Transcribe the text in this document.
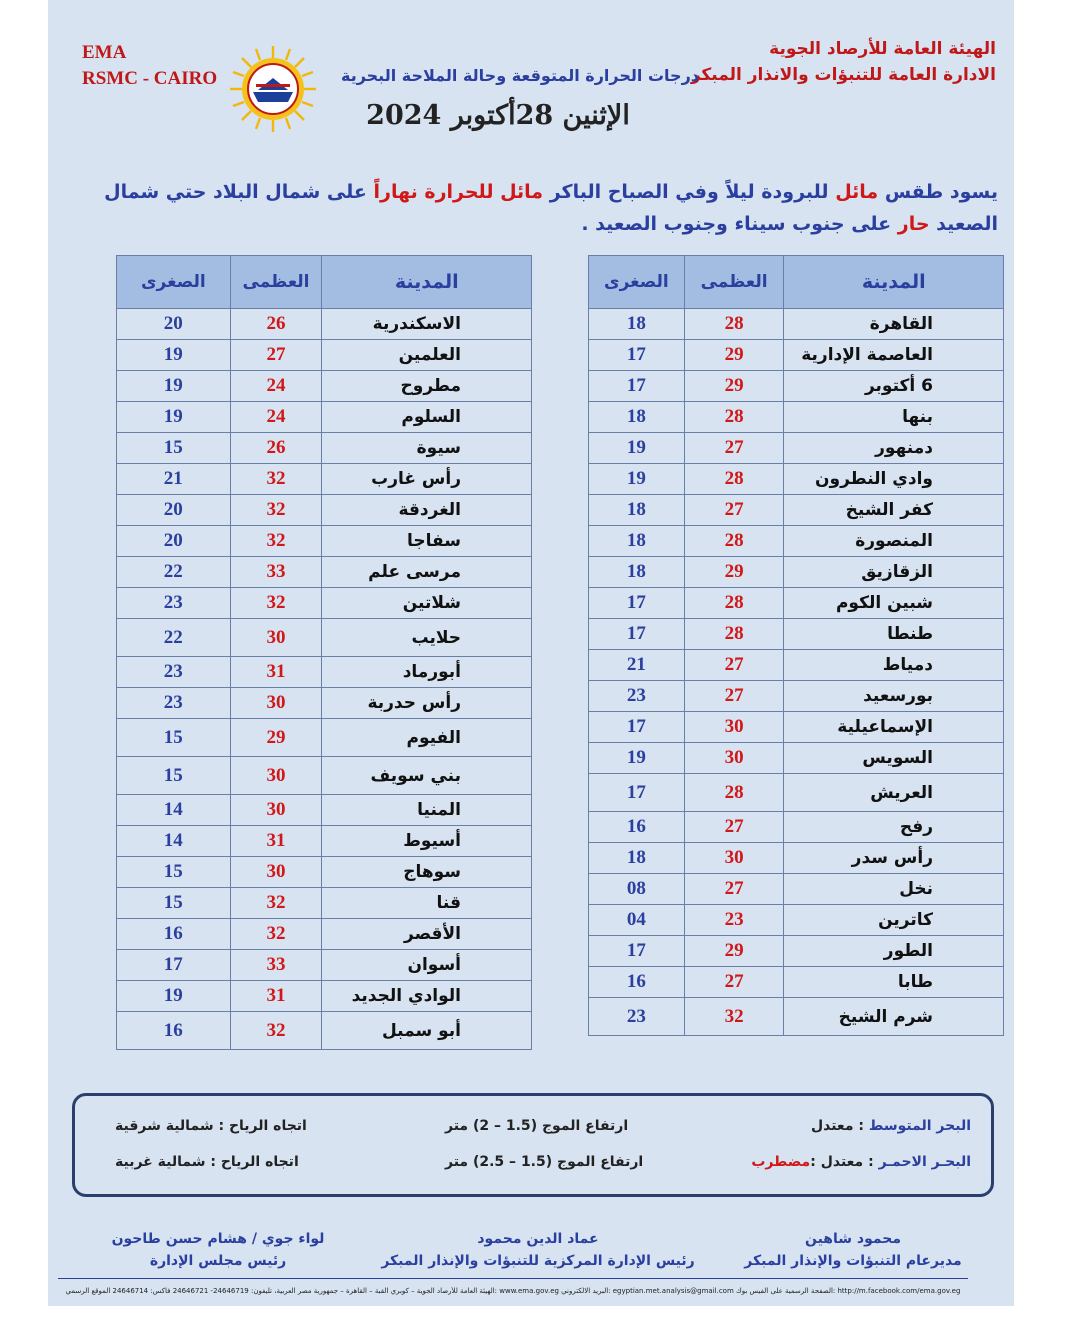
الهيئة العامة للأرصاد الجوية
الادارة العامة للتنبؤات والانذار المبكر
EMA
RSMC - CAIRO	درجات الحرارة المتوقعة وحالة الملاحة البحرية
الإثنين 28أكتوبر 2024
يسود طقس مائل للبرودة ليلاً وفي الصباح الباكر مائل للحرارة نهاراً على شمال البلاد حتي شمال الصعيد حار على جنوب سيناء وجنوب الصعيد .
الصغرى	العظمى	المدينة
18	28	القاهرة
17	29	العاصمة الإدارية
17	29	6 أكتوبر
18	28	بنها
19	27	دمنهور
19	28	وادي النطرون
18	27	كفر الشيخ
18	28	المنصورة
18	29	الزقازيق
17	28	شبين الكوم
17	28	طنطا
21	27	دمياط
23	27	بورسعيد
17	30	الإسماعيلية
19	30	السويس
17	28	العريش
16	27	رفح
18	30	رأس سدر
08	27	نخل
04	23	كاترين
17	29	الطور
16	27	طابا
23	32	شرم الشيخ
الصغرى	العظمى	المدينة
20	26	الاسكندرية
19	27	العلمين
19	24	مطروح
19	24	السلوم
15	26	سيوة
21	32	رأس غارب
20	32	الغردقة
20	32	سفاجا
22	33	مرسى علم
23	32	شلاتين
22	30	حلايب
23	31	أبورماد
23	30	رأس حدربة
15	29	الفيوم
15	30	بني سويف
14	30	المنيا
14	31	أسيوط
15	30	سوهاج
15	32	قنا
16	32	الأقصر
17	33	أسوان
19	31	الوادي الجديد
16	32	أبو سمبل
البحر المتوسط : معتدل
ارتفاع الموج (1.5 – 2) متر
اتجاه الرياح : شمالية شرقية
البحـر الاحمـر : معتدل :مضطرب
ارتفاع الموج (1.5 – 2.5) متر
اتجاه الرياح : شمالية غربية
محمود شاهين
مديرعام التنبؤات والإنذار المبكر
عماد الدين محمود
رئيس الإدارة المركزية للتنبؤات والإنذار المبكر
لواء جوي / هشام حسن طاحون
رئيس مجلس الإدارة
الهيئة العامة للأرصاد الجوية – كوبري القبة – القاهرة – جمهورية مصر العربية، تليفون: 24646719- 24646721 فاكس: 24646714 الموقع الرسمي: www.ema.gov.eg البريد الالكتروني: egyptian.met.analysis@gmail.com الصفحة الرسمية على الفيس بوك: http://m.facebook.com/ema.gov.eg
